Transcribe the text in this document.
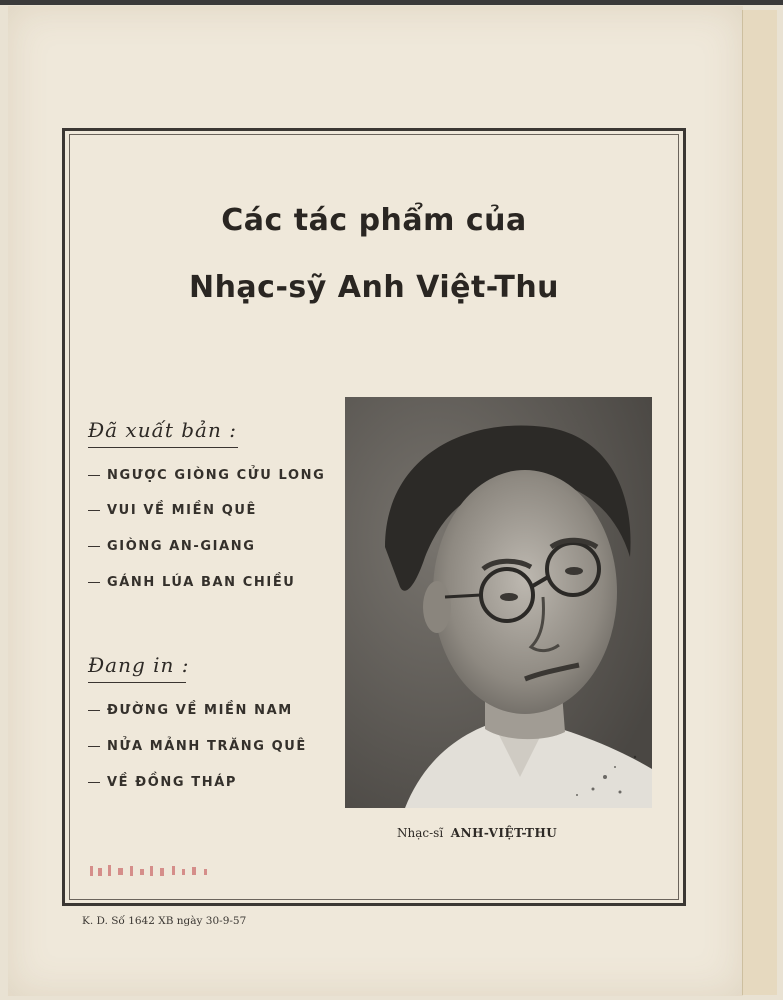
Các tác phẩm của
Nhạc-sỹ Anh Việt-Thu
Đã xuất bản :
NGƯỢC GIÒNG CỬU LONG
VUI VỀ MIỀN QUÊ
GIÒNG AN-GIANG
GÁNH LÚA BAN CHIỀU
Đang in :
ĐƯỜNG VỀ MIỀN NAM
NỬA MẢNH TRĂNG QUÊ
VỀ ĐỒNG THÁP
Nhạc-sĩ ANH-VIỆT-THU
K. D. Số 1642 XB ngày 30-9-57
